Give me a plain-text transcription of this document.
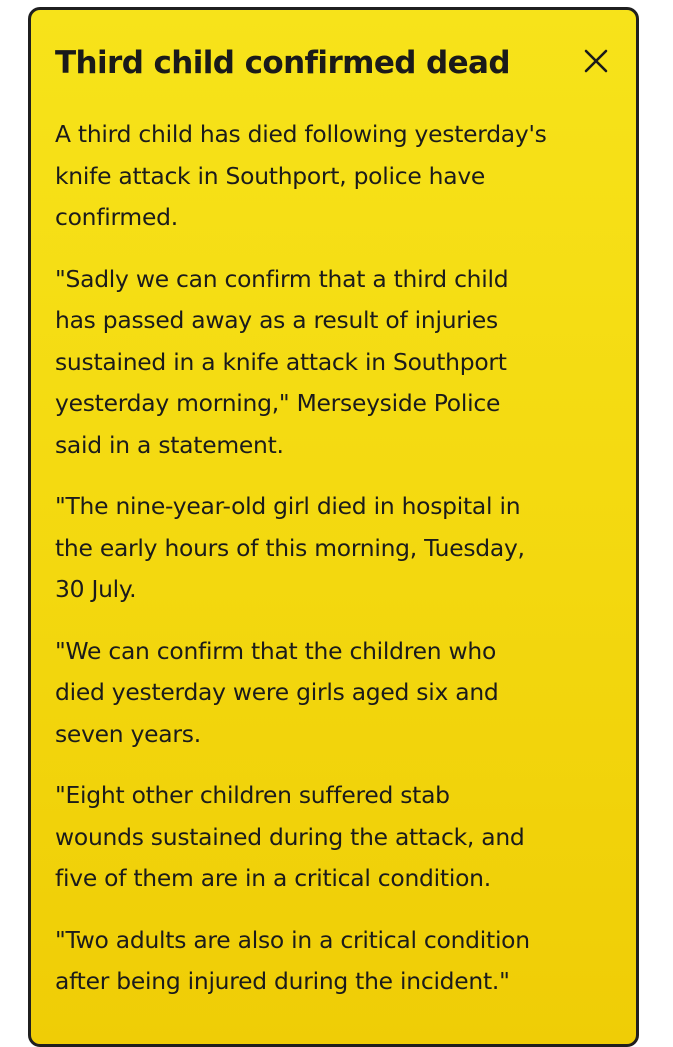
Third child confirmed dead

A third child has died following yesterday's
knife attack in Southport, police have
confirmed.

"Sadly we can confirm that a third child
has passed away as a result of injuries
sustained in a knife attack in Southport
yesterday morning," Merseyside Police
said in a statement.

"The nine-year-old girl died in hospital in
the early hours of this morning, Tuesday,
30 July.

"We can confirm that the children who
died yesterday were girls aged six and
seven years.

"Eight other children suffered stab
wounds sustained during the attack, and
five of them are in a critical condition.

"Two adults are also in a critical condition
after being injured during the incident."
